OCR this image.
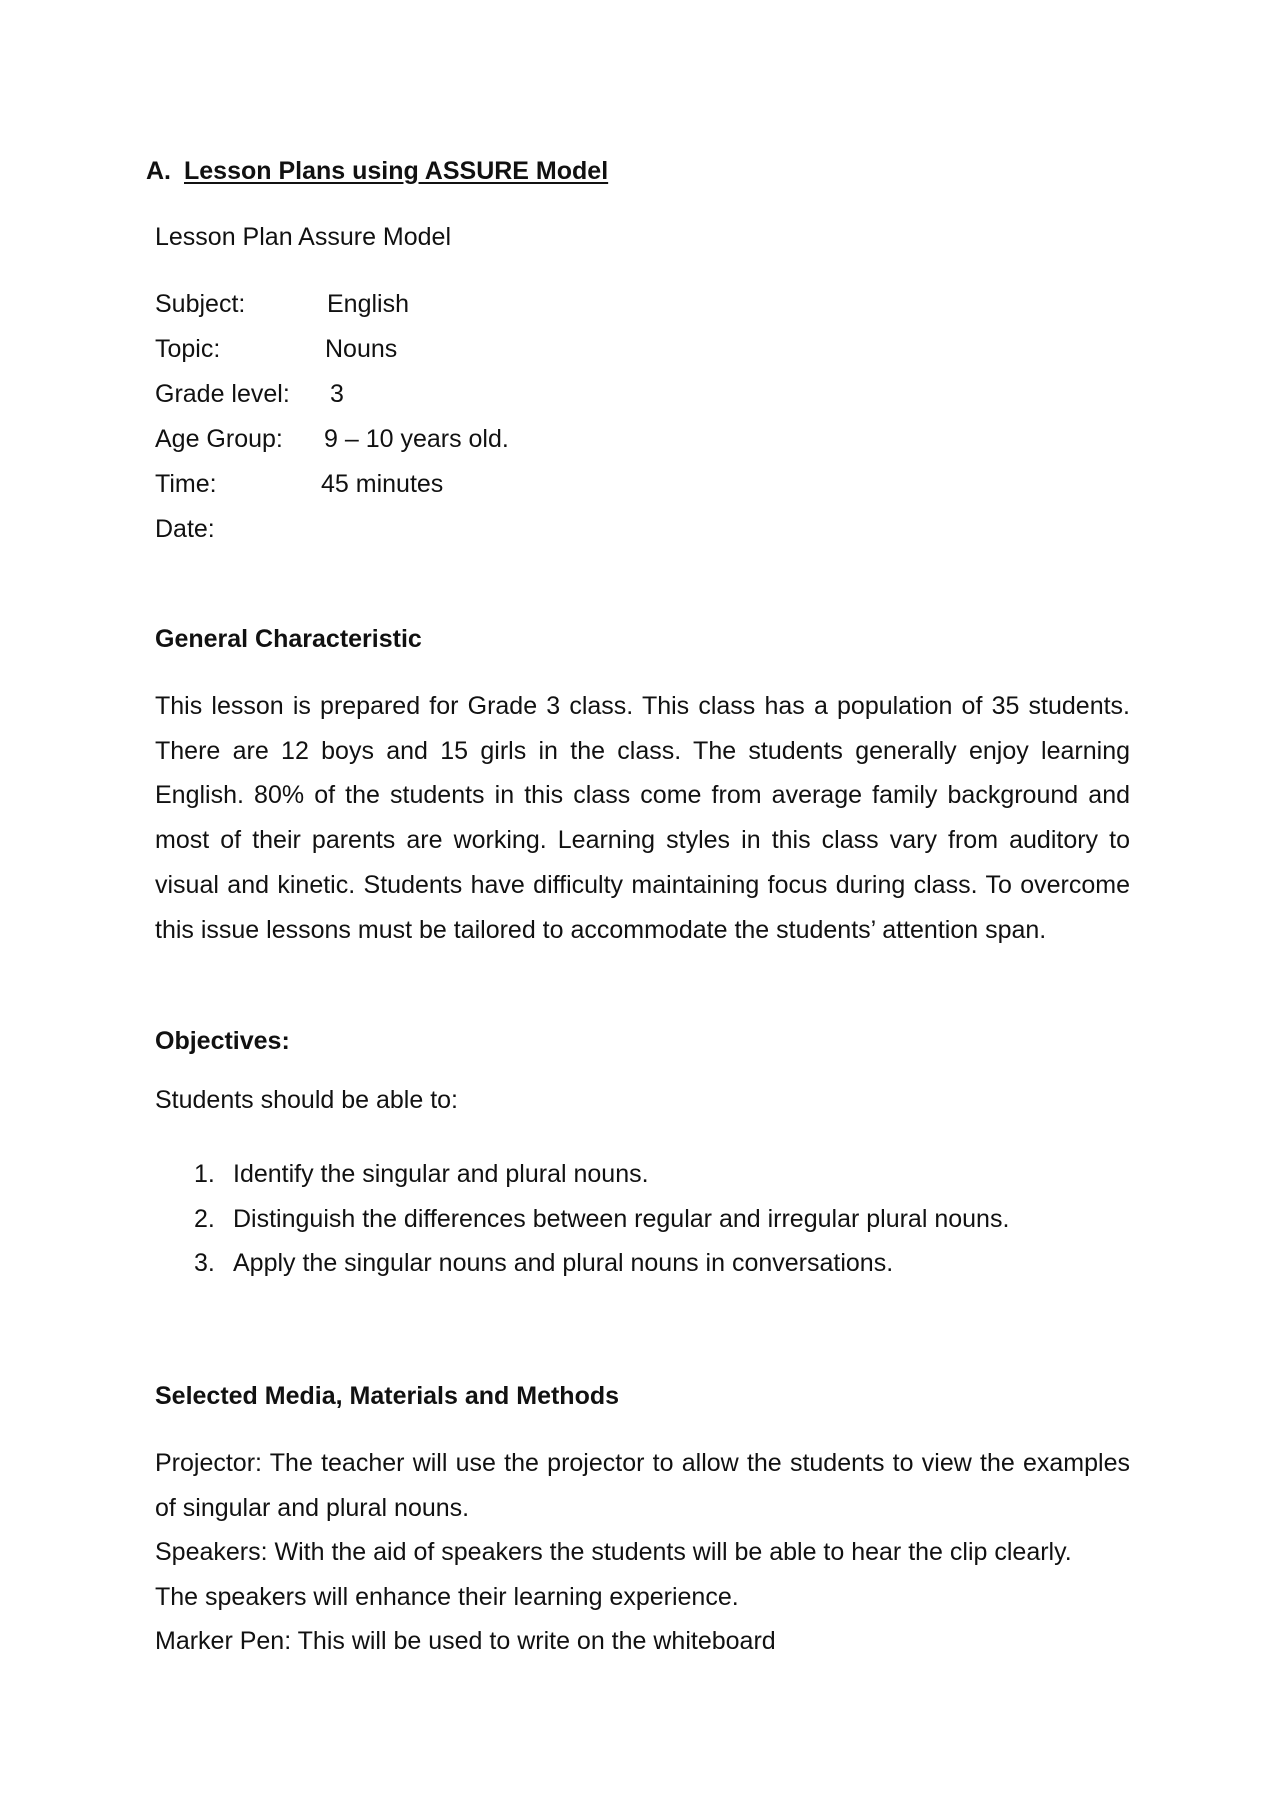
A. Lesson Plans using ASSURE Model
Lesson Plan Assure Model
Subject:	English
Topic:	Nouns
Grade level: 3
Age Group: 9 – 10 years old.
Time:	45 minutes
Date:
General Characteristic

This lesson is prepared for Grade 3 class. This class has a population of 35 students. There are 12 boys and 15 girls in the class. The students generally enjoy learning English. 80% of the students in this class come from average family background and most of their parents are working. Learning styles in this class vary from auditory to visual and kinetic. Students have difficulty maintaining focus during class. To overcome this issue lessons must be tailored to accommodate the students’ attention span.

Objectives:
Students should be able to:
1. Identify the singular and plural nouns.
2. Distinguish the differences between regular and irregular plural nouns.
3. Apply the singular nouns and plural nouns in conversations.
Selected Media, Materials and Methods

Projector: The teacher will use the projector to allow the students to view the examples of singular and plural nouns.

Speakers: With the aid of speakers the students will be able to hear the clip clearly.
The speakers will enhance their learning experience.
Marker Pen: This will be used to write on the whiteboard
